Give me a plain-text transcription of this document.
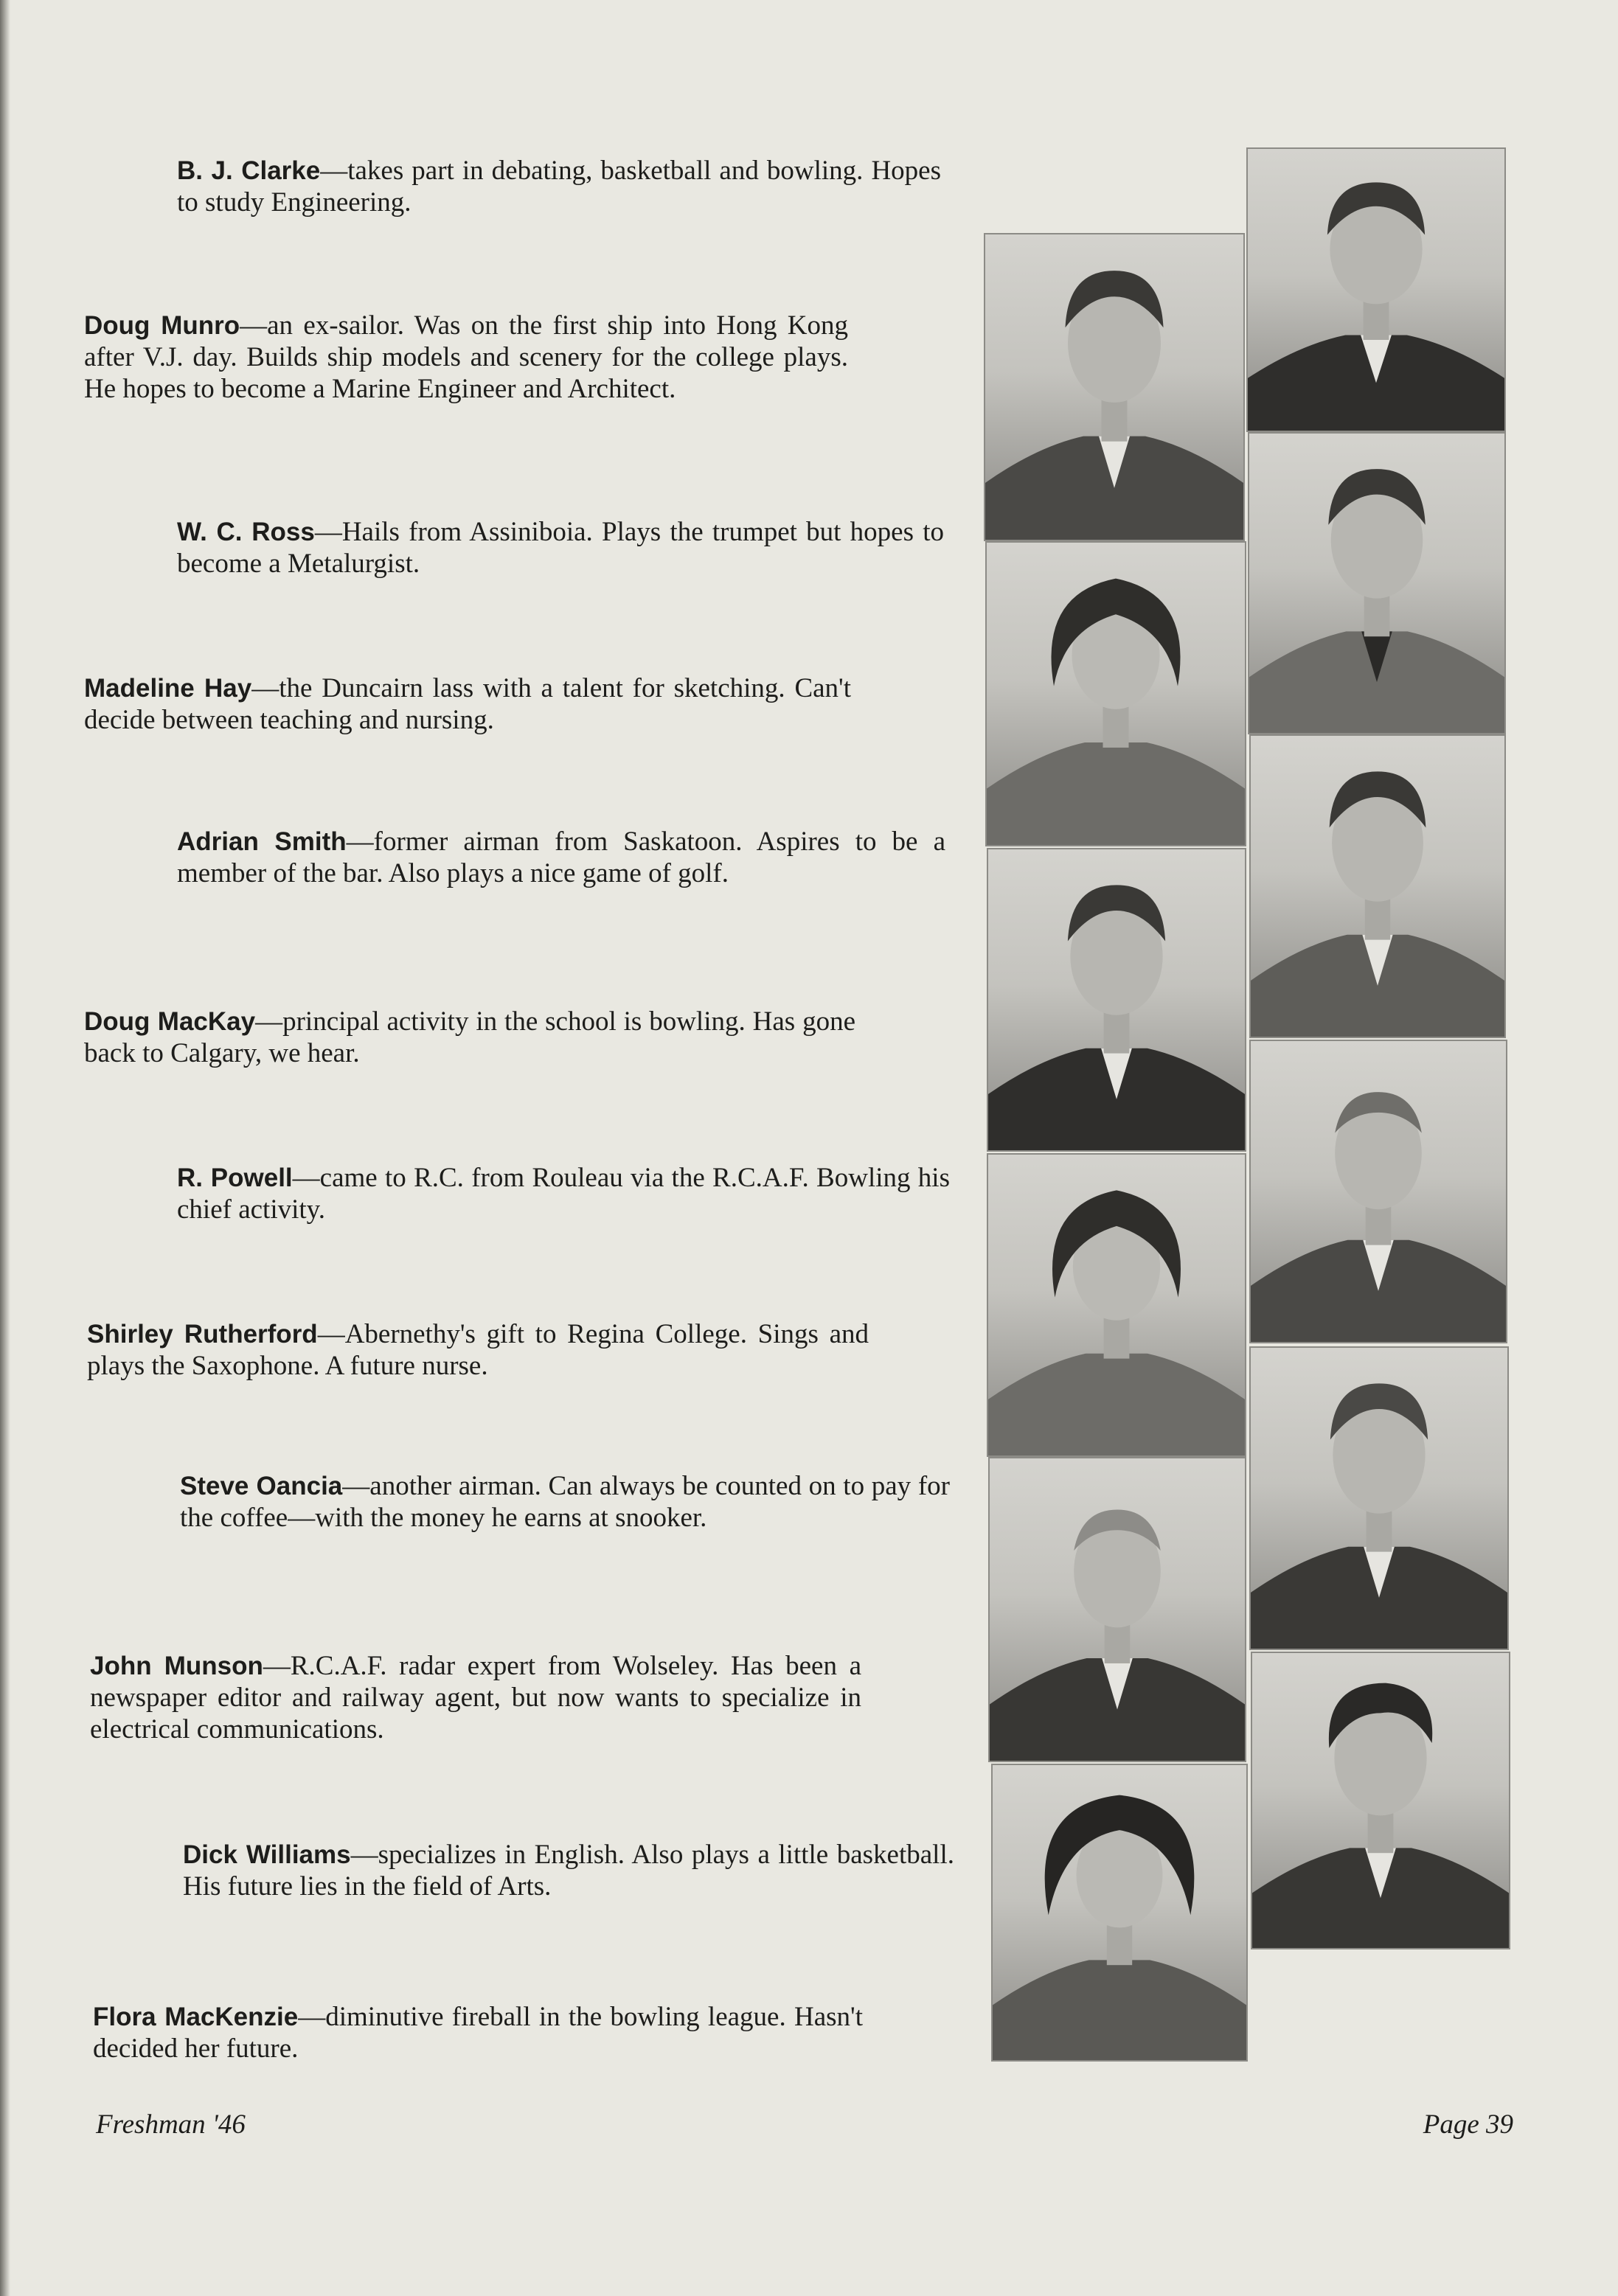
B. J. Clarke—takes part in debating, basketball and bowling. Hopes to study Engineering.
Doug Munro—an ex-sailor. Was on the first ship into Hong Kong after V.J. day. Builds ship models and scenery for the college plays. He hopes to become a Marine Engineer and Architect.
W. C. Ross—Hails from Assiniboia. Plays the trumpet but hopes to become a Metalurgist.
Madeline Hay—the Duncairn lass with a talent for sketching. Can't decide between teaching and nursing.
Adrian Smith—former airman from Saskatoon. Aspires to be a member of the bar. Also plays a nice game of golf.
Doug MacKay—principal activity in the school is bowling. Has gone back to Calgary, we hear.
R. Powell—came to R.C. from Rouleau via the R.C.A.F. Bowling his chief activity.
Shirley Rutherford—Abernethy's gift to Regina College. Sings and plays the Saxophone. A future nurse.
Steve Oancia—another airman. Can always be counted on to pay for the coffee—with the money he earns at snooker.
John Munson—R.C.A.F. radar expert from Wolseley. Has been a newspaper editor and railway agent, but now wants to specialize in electrical communications.
Dick Williams—specializes in English. Also plays a little basketball. His future lies in the field of Arts.
Flora MacKenzie—diminutive fireball in the bowling league. Hasn't decided her future.
Freshman '46	Page 39
